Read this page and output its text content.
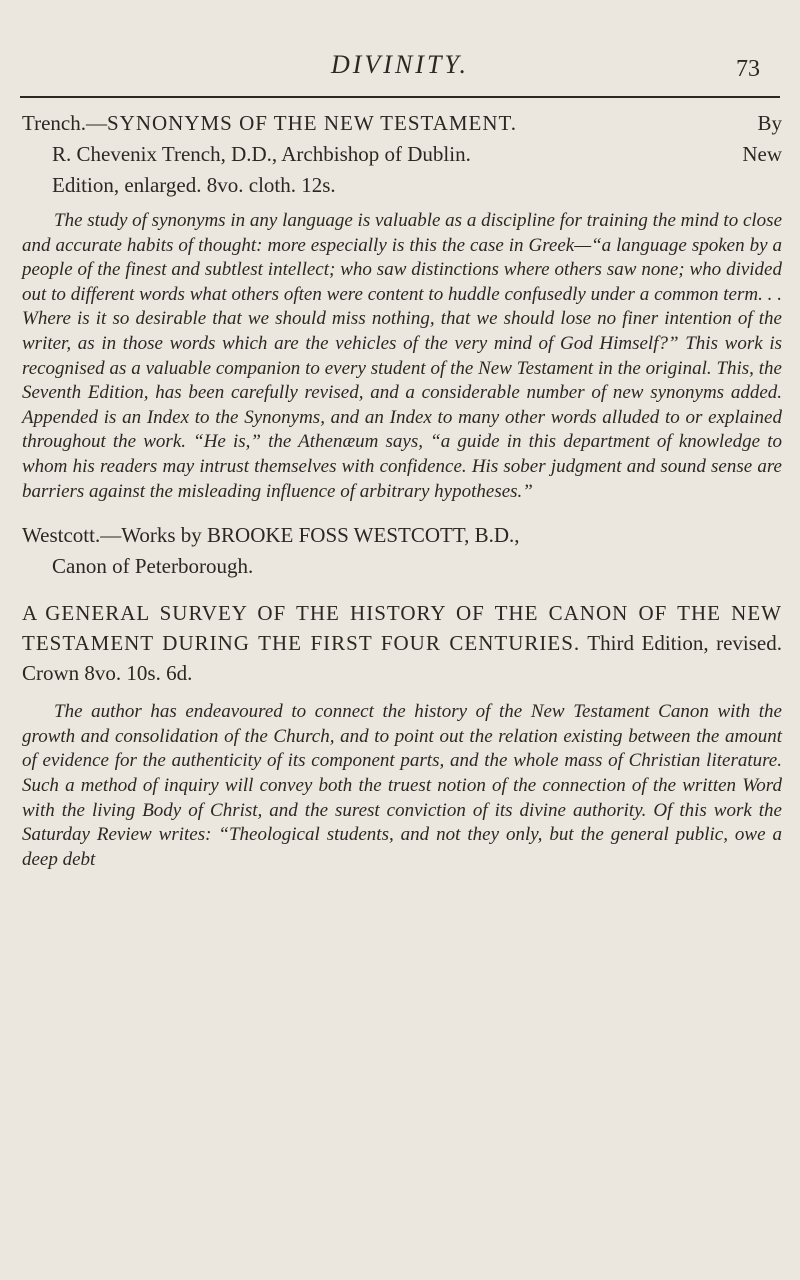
DIVINITY.	73

Trench.—SYNONYMS OF THE NEW TESTAMENT.	By
R. Chevenix Trench, D.D., Archbishop of Dublin.	New
Edition, enlarged. 8vo. cloth. 12s.

The study of synonyms in any language is valuable as a discipline for training the mind to close and accurate habits of thought: more especially is this the case in Greek—“a language spoken by a people of the finest and subtlest intellect; who saw distinctions where others saw none; who divided out to different words what others often were content to huddle confusedly under a common term. . . Where is it so desirable that we should miss nothing, that we should lose no finer intention of the writer, as in those words which are the vehicles of the very mind of God Himself?” This work is recognised as a valuable companion to every student of the New Testament in the original. This, the Seventh Edition, has been carefully revised, and a considerable number of new synonyms added. Appended is an Index to the Synonyms, and an Index to many other words alluded to or explained throughout the work. “He is,” the Athenæum says, “a guide in this department of knowledge to whom his readers may intrust themselves with confidence. His sober judgment and sound sense are barriers against the misleading influence of arbitrary hypotheses.”

Westcott.—Works by BROOKE FOSS WESTCOTT, B.D.,
Canon of Peterborough.

A GENERAL SURVEY OF THE HISTORY OF THE CANON OF THE NEW TESTAMENT DURING THE FIRST FOUR CENTURIES. Third Edition, revised. Crown 8vo. 10s. 6d.

The author has endeavoured to connect the history of the New Testament Canon with the growth and consolidation of the Church, and to point out the relation existing between the amount of evidence for the authenticity of its component parts, and the whole mass of Christian literature. Such a method of inquiry will convey both the truest notion of the connection of the written Word with the living Body of Christ, and the surest conviction of its divine authority. Of this work the Saturday Review writes: “Theological students, and not they only, but the general public, owe a deep debt
